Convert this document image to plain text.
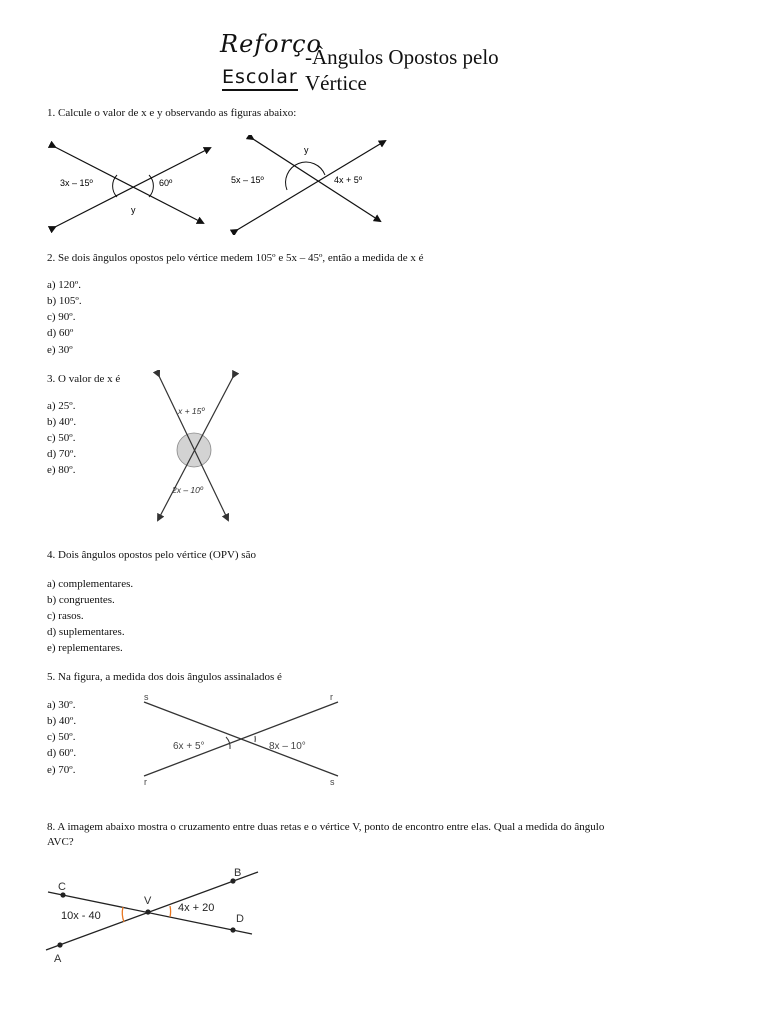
Reforço
Escolar
-Ângulos Opostos pelo
Vértice
1. Calcule o valor de x e y observando as figuras abaixo:
3x – 15º	60º
y
y
5x – 15º	4x + 5º
2. Se dois ângulos opostos pelo vértice medem 105º e 5x – 45º, então a medida de x é
a) 120º.
b) 105º.
c) 90º.
d) 60º
e) 30º
3. O valor de x é
a) 25º.
b) 40º.
c) 50º.
d) 70º.
e) 80º.
x + 15º
2x – 10º
4. Dois ângulos opostos pelo vértice (OPV) são
a) complementares.
b) congruentes.
c) rasos.
d) suplementares.
e) replementares.
5. Na figura, a medida dos dois ângulos assinalados é
a) 30º.
b) 40º.
c) 50º.
d) 60º.
e) 70º.
s	r
r	s
6x + 5°	8x – 10°
8. A imagem abaixo mostra o cruzamento entre duas retas e o vértice V, ponto de encontro entre elas. Qual a medida do ângulo
AVC?
C
B
V
D
A
10x - 40
4x + 20
